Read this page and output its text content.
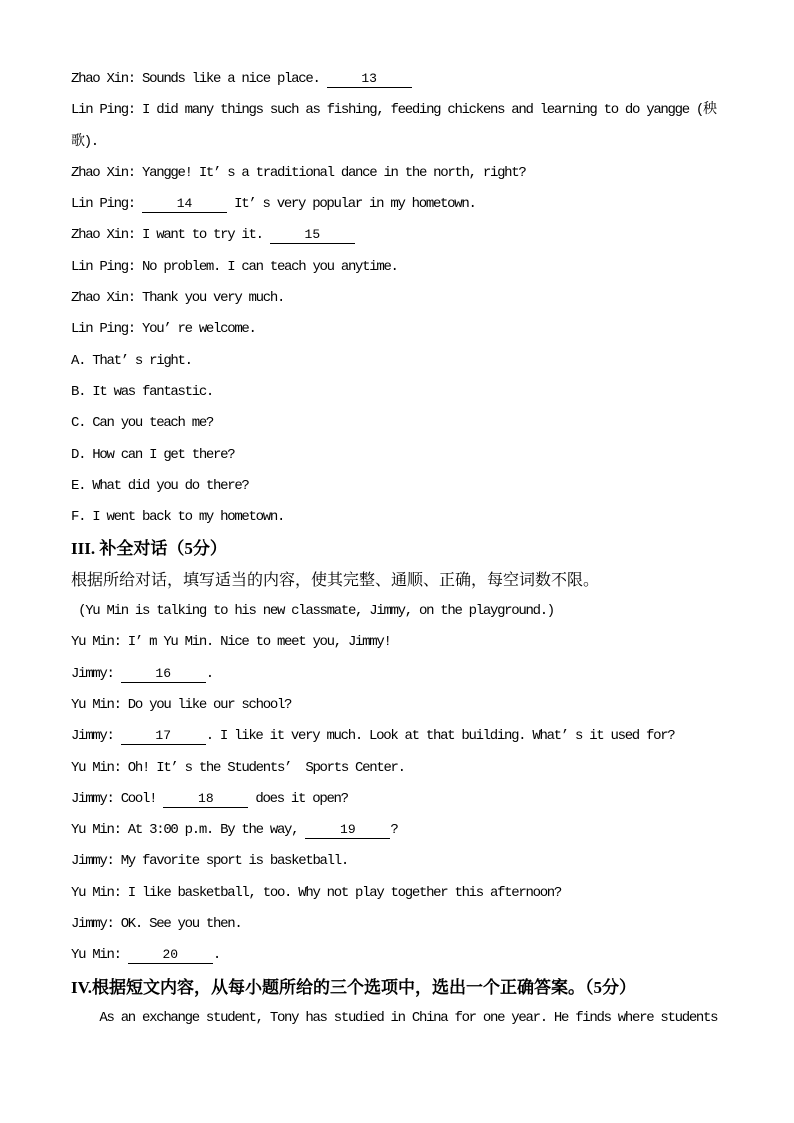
Zhao Xin: Sounds like a nice place.	13

Lin Ping: I did many things such as fishing, feeding chickens and learning to do yangge (秧

歌).

Zhao Xin: Yangge! It’ s a traditional dance in the north, right?

Lin Ping:	14 It’ s very popular in my hometown.

Zhao Xin: I want to try it.	15

Lin Ping: No problem. I can teach you anytime.

Zhao Xin: Thank you very much.

Lin Ping: You’ re welcome.

A. That’ s right.

B. It was fantastic.

C. Can you teach me?

D. How can I get there?

E. What did you do there?

F. I went back to my hometown.

III. 补全对话（5分）

根据所给对话，填写适当的内容，使其完整、通顺、正确，每空词数不限。

(Yu Min is talking to his new classmate, Jimmy, on the playground.)

Yu Min: I’ m Yu Min. Nice to meet you, Jimmy!

Jimmy:	16 .

Yu Min: Do you like our school?

Jimmy:	17 . I like it very much. Look at that building. What’ s it used for?

Yu Min: Oh! It’ s the Students’  Sports Center.

Jimmy: Cool!	18 does it open?

Yu Min: At 3:00 p.m. By the way,	19 ?

Jimmy: My favorite sport is basketball.

Yu Min: I like basketball, too. Why not play together this afternoon?

Jimmy: OK. See you then.

Yu Min:	20 .

IV.根据短文内容，从每小题所给的三个选项中，选出一个正确答案。（5分）

As an exchange student, Tony has studied in China for one year. He finds where students
